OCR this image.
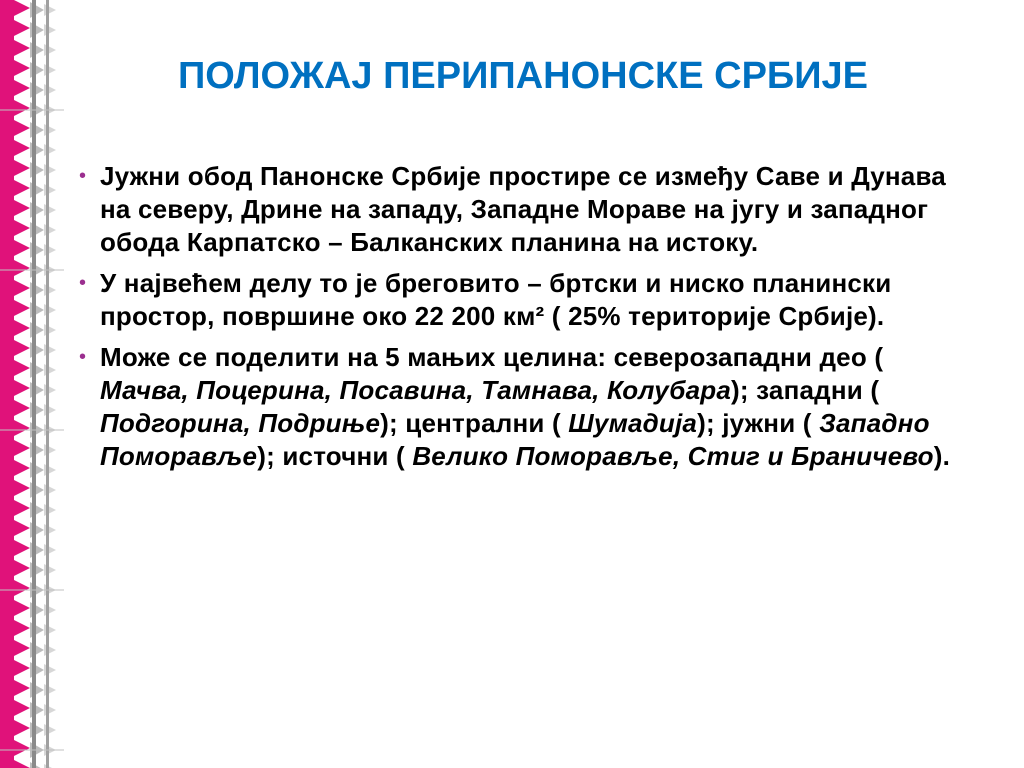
ПОЛОЖАЈ ПЕРИПАНОНСКЕ СРБИЈЕ
• Јужни обод Панонске Србије простире се између Саве и Дунава на северу, Дрине на западу, Западне Мораве на југу и западног обода Карпатско – Балканских планина на истоку.
• У највећем делу то је бреговито – бртски и ниско планински простор, површине око 22 200 км² ( 25% територије Србије).
• Може се поделити на 5 мањих целина: северозападни део ( Мачва, Поцерина, Посавина, Тамнава, Колубара); западни ( Подгорина, Подриње); централни ( Шумадија); јужни ( Западно Поморавље); источни ( Велико Поморавље, Стиг и Браничево).
